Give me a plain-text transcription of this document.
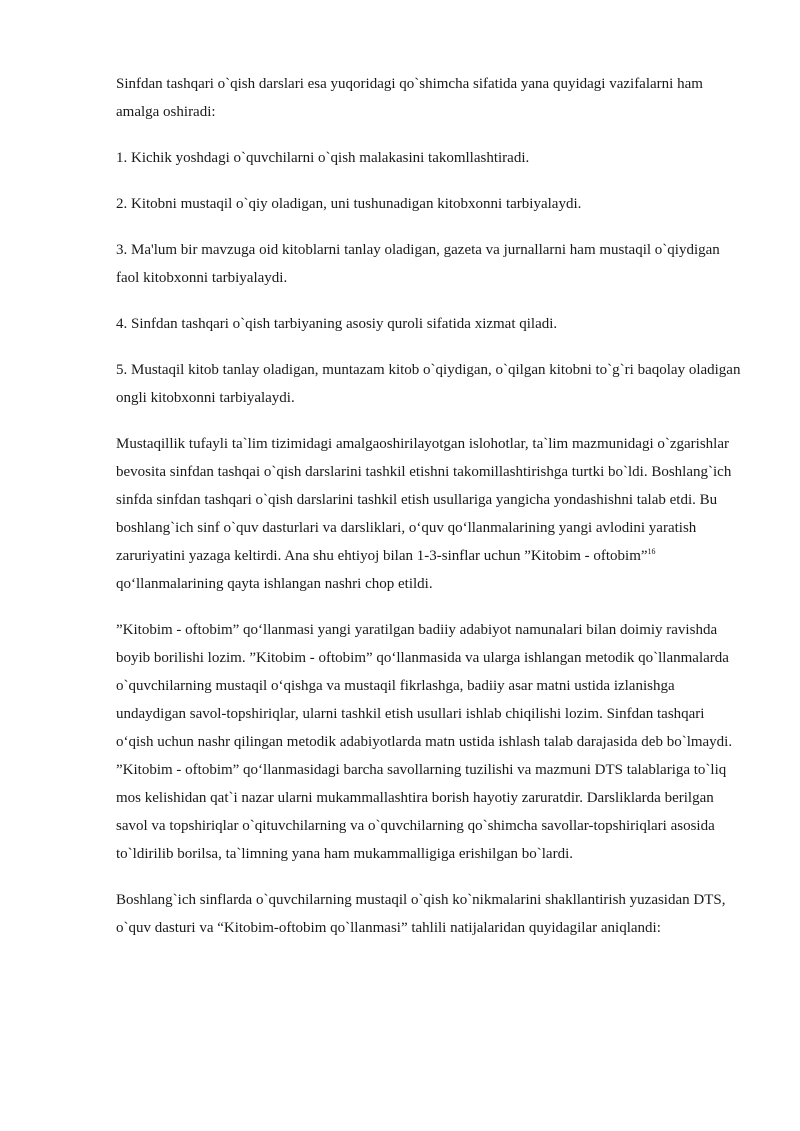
Sinfdan tashqari o`qish darslari esa yuqoridagi qo`shimcha sifatida yana quyidagi vazifalarni ham amalga oshiradi:

1. Kichik yoshdagi o`quvchilarni o`qish malakasini takomllashtiradi.

2. Kitobni mustaqil o`qiy oladigan, uni tushunadigan kitobxonni tarbiyalaydi.

3. Ma'lum bir mavzuga oid kitoblarni tanlay oladigan, gazeta va jurnallarni ham mustaqil o`qiydigan faol kitobxonni tarbiyalaydi.

4. Sinfdan tashqari o`qish tarbiyaning asosiy quroli sifatida xizmat qiladi.

5. Mustaqil kitob tanlay oladigan, muntazam kitob o`qiydigan, o`qilgan kitobni to`g`ri baqolay oladigan ongli kitobxonni tarbiyalaydi.

Mustaqillik tufayli ta`lim tizimidagi amalgaoshirilayotgan islohotlar, ta`lim mazmunidagi o`zgarishlar bevosita sinfdan tashqai o`qish darslarini tashkil etishni takomillashtirishga turtki bo`ldi. Boshlang`ich sinfda sinfdan tashqari o`qish darslarini tashkil etish usullariga yangicha yondashishni talab etdi. Bu boshlang`ich sinf o`quv dasturlari va darsliklari, o‘quv qo‘llanmalarining yangi avlodini yaratish zaruriyatini yazaga keltirdi. Ana shu ehtiyoj bilan 1-3-sinflar uchun ”Kitobim - oftobim”$^{16}$ qo‘llanmalarining qayta ishlangan nashri chop etildi.

”Kitobim - oftobim” qo‘llanmasi yangi yaratilgan badiiy adabiyot namunalari bilan doimiy ravishda boyib borilishi lozim. ”Kitobim - oftobim” qo‘llanmasida va ularga ishlangan metodik qo`llanmalarda o`quvchilarning mustaqil o‘qishga va mustaqil fikrlashga, badiiy asar matni ustida izlanishga undaydigan savol-topshiriqlar, ularni tashkil etish usullari ishlab chiqilishi lozim. Sinfdan tashqari o‘qish uchun nashr qilingan metodik adabiyotlarda matn ustida ishlash talab darajasida deb bo`lmaydi. ”Kitobim - oftobim” qo‘llanmasidagi barcha savollarning tuzilishi va mazmuni DTS talablariga to`liq mos kelishidan qat`i nazar ularni mukammallashtira borish hayotiy zaruratdir. Darsliklarda berilgan savol va topshiriqlar o`qituvchilarning va o`quvchilarning qo`shimcha savollar-topshiriqlari asosida to`ldirilib borilsa, ta`limning yana ham mukammalligiga erishilgan bo`lardi.

Boshlang`ich sinflarda o`quvchilarning mustaqil o`qish ko`nikmalarini shakllantirish yuzasidan DTS, o`quv dasturi va “Kitobim-oftobim qo`llanmasi” tahlili natijalaridan quyidagilar aniqlandi:
